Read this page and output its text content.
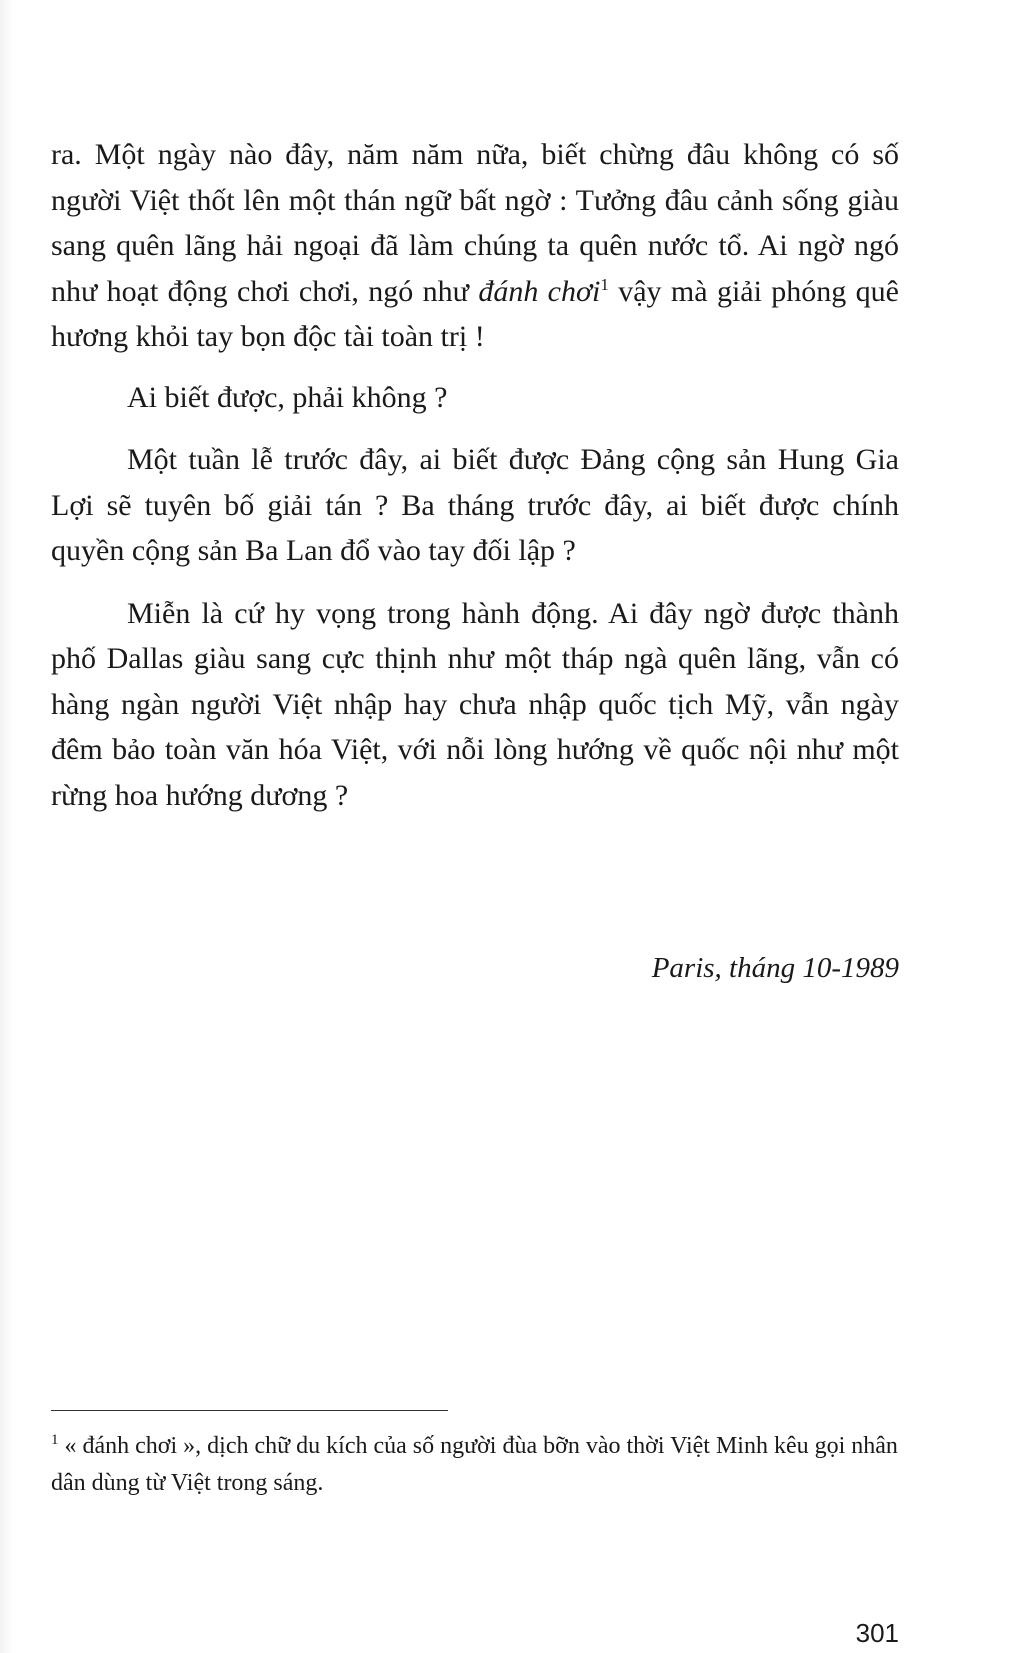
ra. Một ngày nào đây, năm năm nữa, biết chừng đâu không có số người Việt thốt lên một thán ngữ bất ngờ : Tưởng đâu cảnh sống giàu sang quên lãng hải ngoại đã làm chúng ta quên nước tổ. Ai ngờ ngó như hoạt động chơi chơi, ngó như đánh chơi$^1$ vậy mà giải phóng quê hương khỏi tay bọn độc tài toàn trị !

Ai biết được, phải không ?

Một tuần lễ trước đây, ai biết được Đảng cộng sản Hung Gia Lợi sẽ tuyên bố giải tán ? Ba tháng trước đây, ai biết được chính quyền cộng sản Ba Lan đổ vào tay đối lập ?

Miễn là cứ hy vọng trong hành động. Ai đây ngờ được thành phố Dallas giàu sang cực thịnh như một tháp ngà quên lãng, vẫn có hàng ngàn người Việt nhập hay chưa nhập quốc tịch Mỹ, vẫn ngày đêm bảo toàn văn hóa Việt, với nỗi lòng hướng về quốc nội như một rừng hoa hướng dương ?

Paris, tháng 10-1989
$^1$ « đánh chơi », dịch chữ du kích của số người đùa bỡn vào thời Việt Minh kêu gọi nhân dân dùng từ Việt trong sáng.
301
